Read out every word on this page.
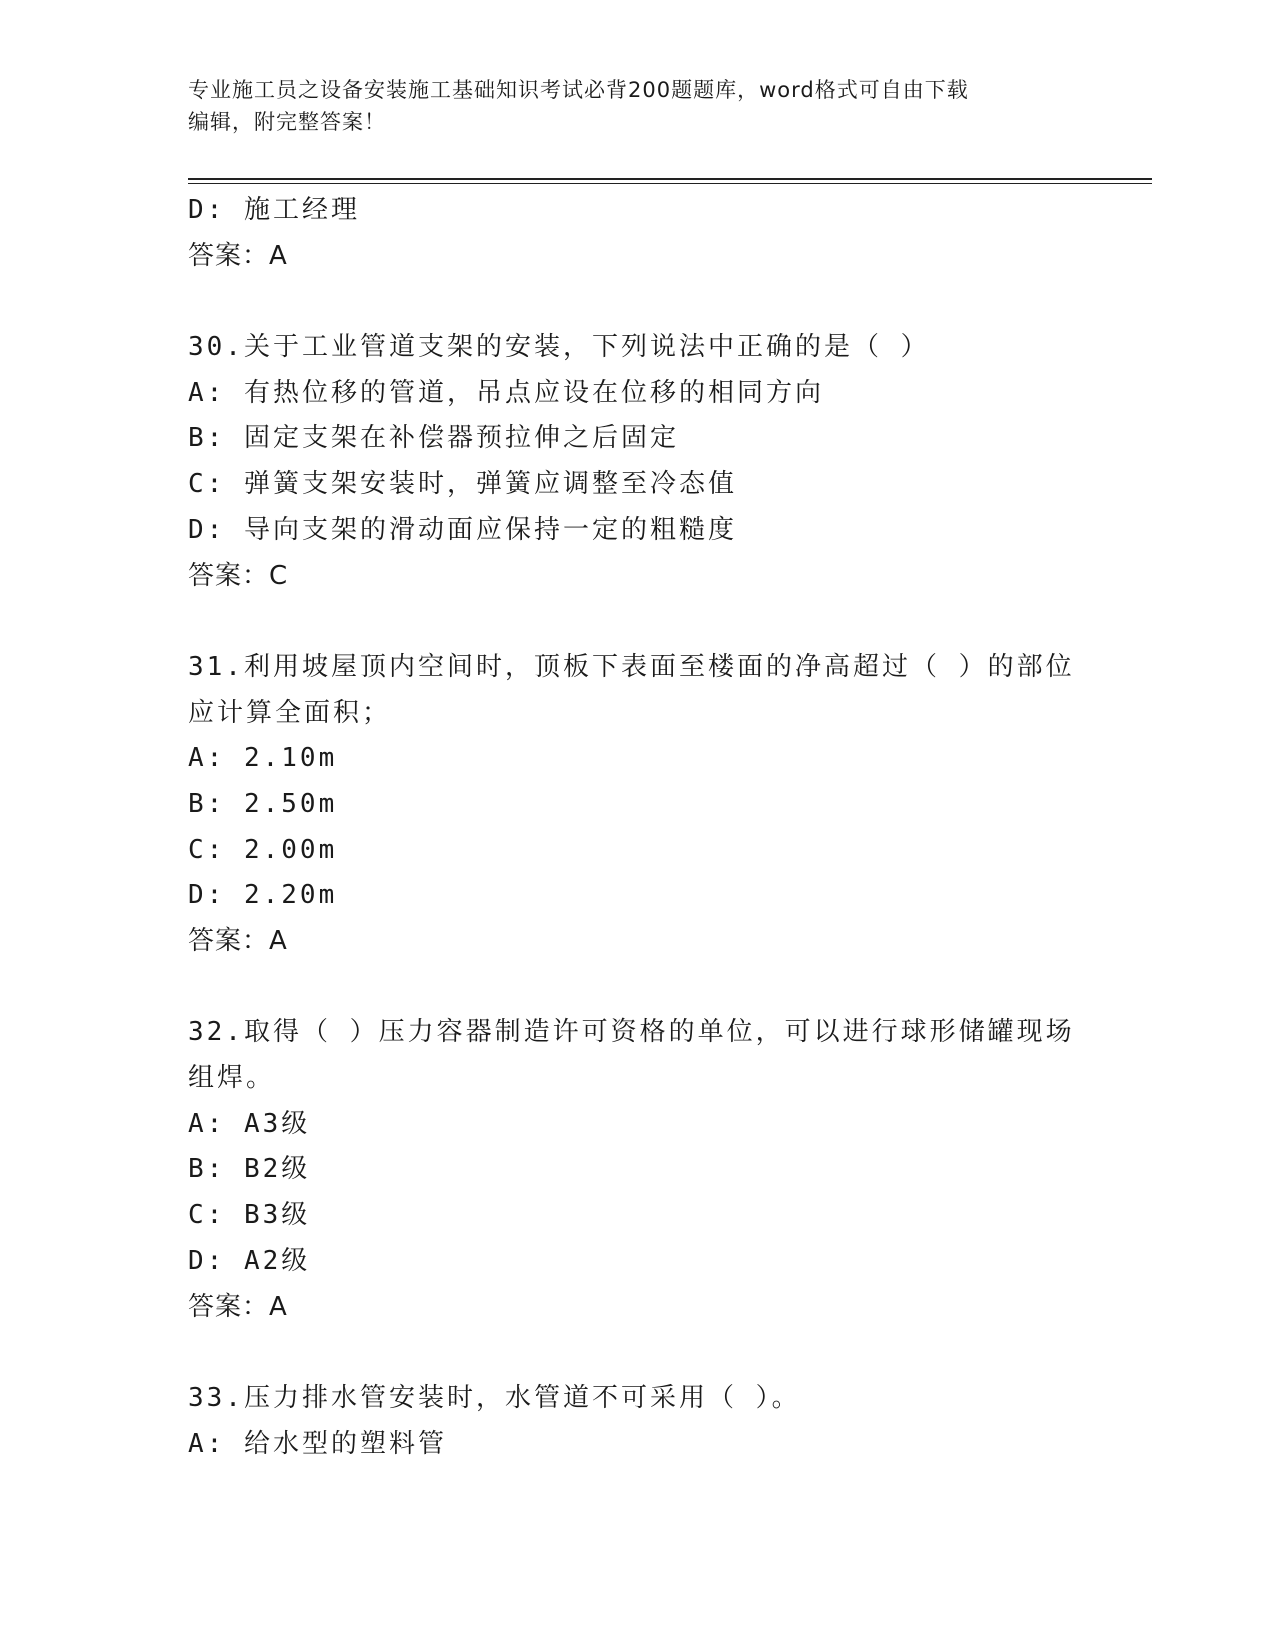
专业施工员之设备安装施工基础知识考试必背200题题库，word格式可自由下载
编辑，附完整答案！
D: 施工经理
答案：A
30.关于工业管道支架的安装，下列说法中正确的是（ ）
A: 有热位移的管道，吊点应设在位移的相同方向
B: 固定支架在补偿器预拉伸之后固定
C: 弹簧支架安装时，弹簧应调整至冷态值
D: 导向支架的滑动面应保持一定的粗糙度
答案：C
31.利用坡屋顶内空间时，顶板下表面至楼面的净高超过（ ）的部位
应计算全面积；
A: 2.10m
B: 2.50m
C: 2.00m
D: 2.20m
答案：A
32.取得（ ）压力容器制造许可资格的单位，可以进行球形储罐现场
组焊。
A: A3级
B: B2级
C: B3级
D: A2级
答案：A
33.压力排水管安装时，水管道不可采用（ ）。
A: 给水型的塑料管
